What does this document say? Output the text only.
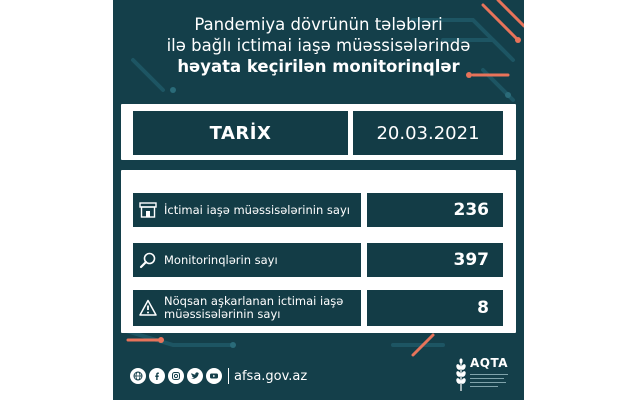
Pandemiya dövrünün tələbləri
ilə bağlı ictimai iaşə müəssisələrində
həyata keçirilən monitorinqlər
TARİX	20.03.2021
İctimai iaşə müəssisələrinin sayı	236
Monitorinqlərin sayı	397
Nöqsan aşkarlanan ictimai iaşə
müəssisələrinin sayı	8
afsa.gov.az
AQTA
